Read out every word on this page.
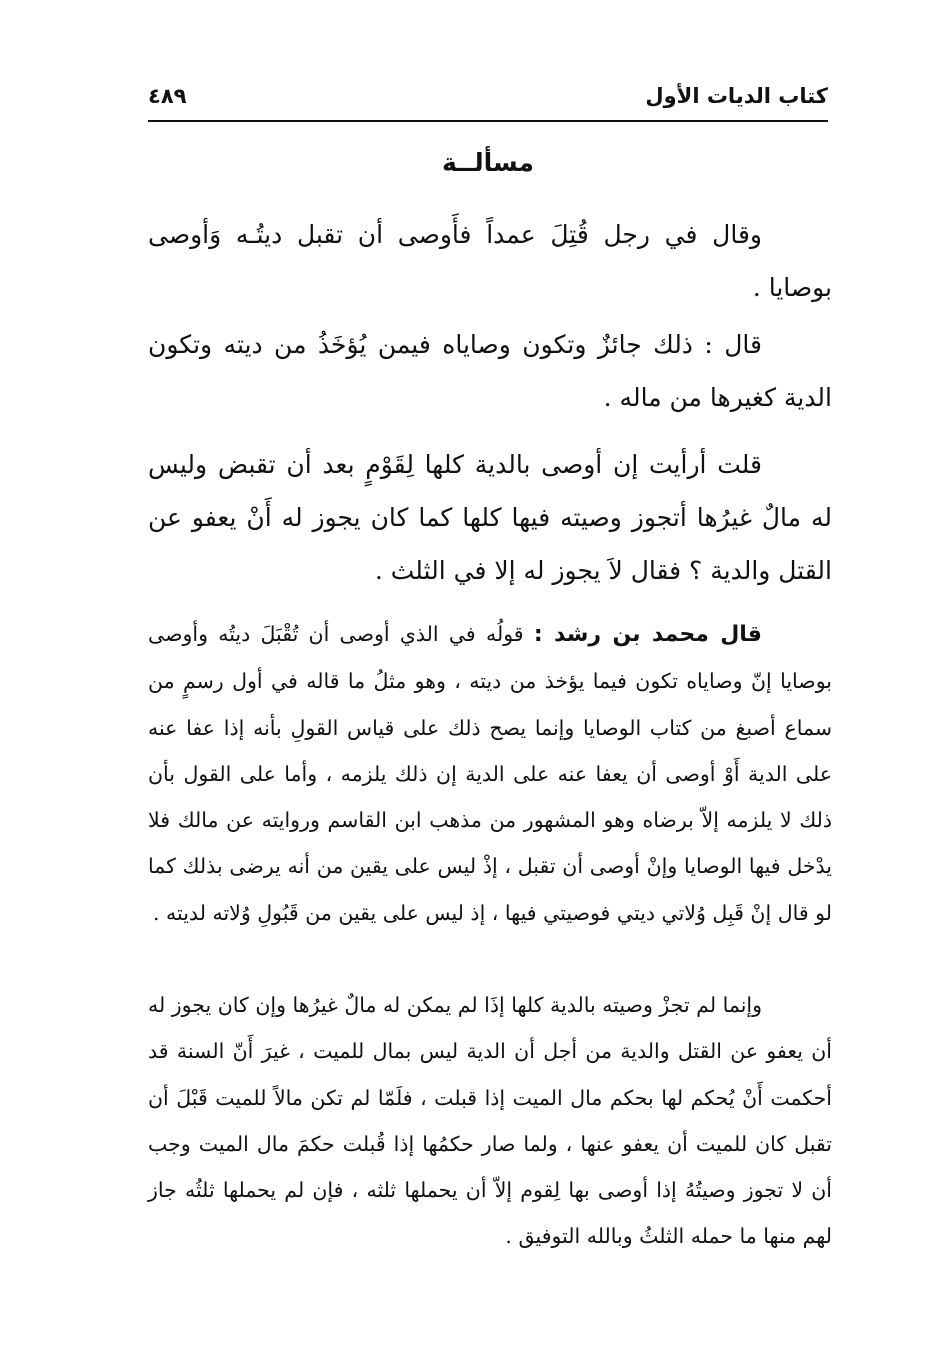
كتاب الديات الأول
٤٨٩
مسألــة

وقال في رجل قُتِلَ عمداً فأَوصى أن تقبل ديتُـه وَأوصى بوصايا .

قال : ذلك جائزٌ وتكون وصاياه فيمن يُؤخَذُ من ديته وتكون الدية كغيرها من ماله .

قلت أرأيت إن أوصى بالدية كلها لِقَوْمٍ بعد أن تقبض وليس له مالٌ غيرُها أتجوز وصيته فيها كلها كما كان يجوز له أَنْ يعفو عن القتل والدية ؟ فقال لاَ يجوز له إلا في الثلث .

قال محمد بن رشد : قولُه في الذي أوصى أن تُقْبَلَ ديتُه وأوصى بوصايا إنّ وصاياه تكون فيما يؤخذ من ديته ، وهو مثلُ ما قاله في أول رسمٍ من سماع أصبغ من كتاب الوصايا وإنما يصح ذلك على قياس القولِ بأنه إذا عفا عنه على الدية أَوْ أوصى أن يعفا عنه على الدية إن ذلك يلزمه ، وأما على القول بأن ذلك لا يلزمه إلاّ برضاه وهو المشهور من مذهب ابن القاسم وروايته عن مالك فلا يدْخل فيها الوصايا وإنْ أوصى أن تقبل ، إذْ ليس على يقين من أنه يرضى بذلك كما لو قال إنْ قَبِل وُلاتي ديتي فوصيتي فيها ، إذ ليس على يقين من قَبُولِ وُلاته لديته .

وإنما لم تجزْ وصيته بالدية كلها إذَا لم يمكن له مالٌ غيرُها وإن كان يجوز له أن يعفو عن القتل والدية من أجل أن الدية ليس بمال للميت ، غيرَ أَنّ السنة قد أحكمت أَنْ يُحكم لها بحكم مال الميت إذا قبلت ، فلَمّا لم تكن مالاً للميت قَبْلَ أن تقبل كان للميت أن يعفو عنها ، ولما صار حكمُها إذا قُبلت حكمَ مال الميت وجب أن لا تجوز وصيتُهُ إذا أوصى بها لِقوم إلاّ أن يحملها ثلثه ، فإن لم يحملها ثلثُه جاز لهم منها ما حمله الثلثُ وبالله التوفيق .
